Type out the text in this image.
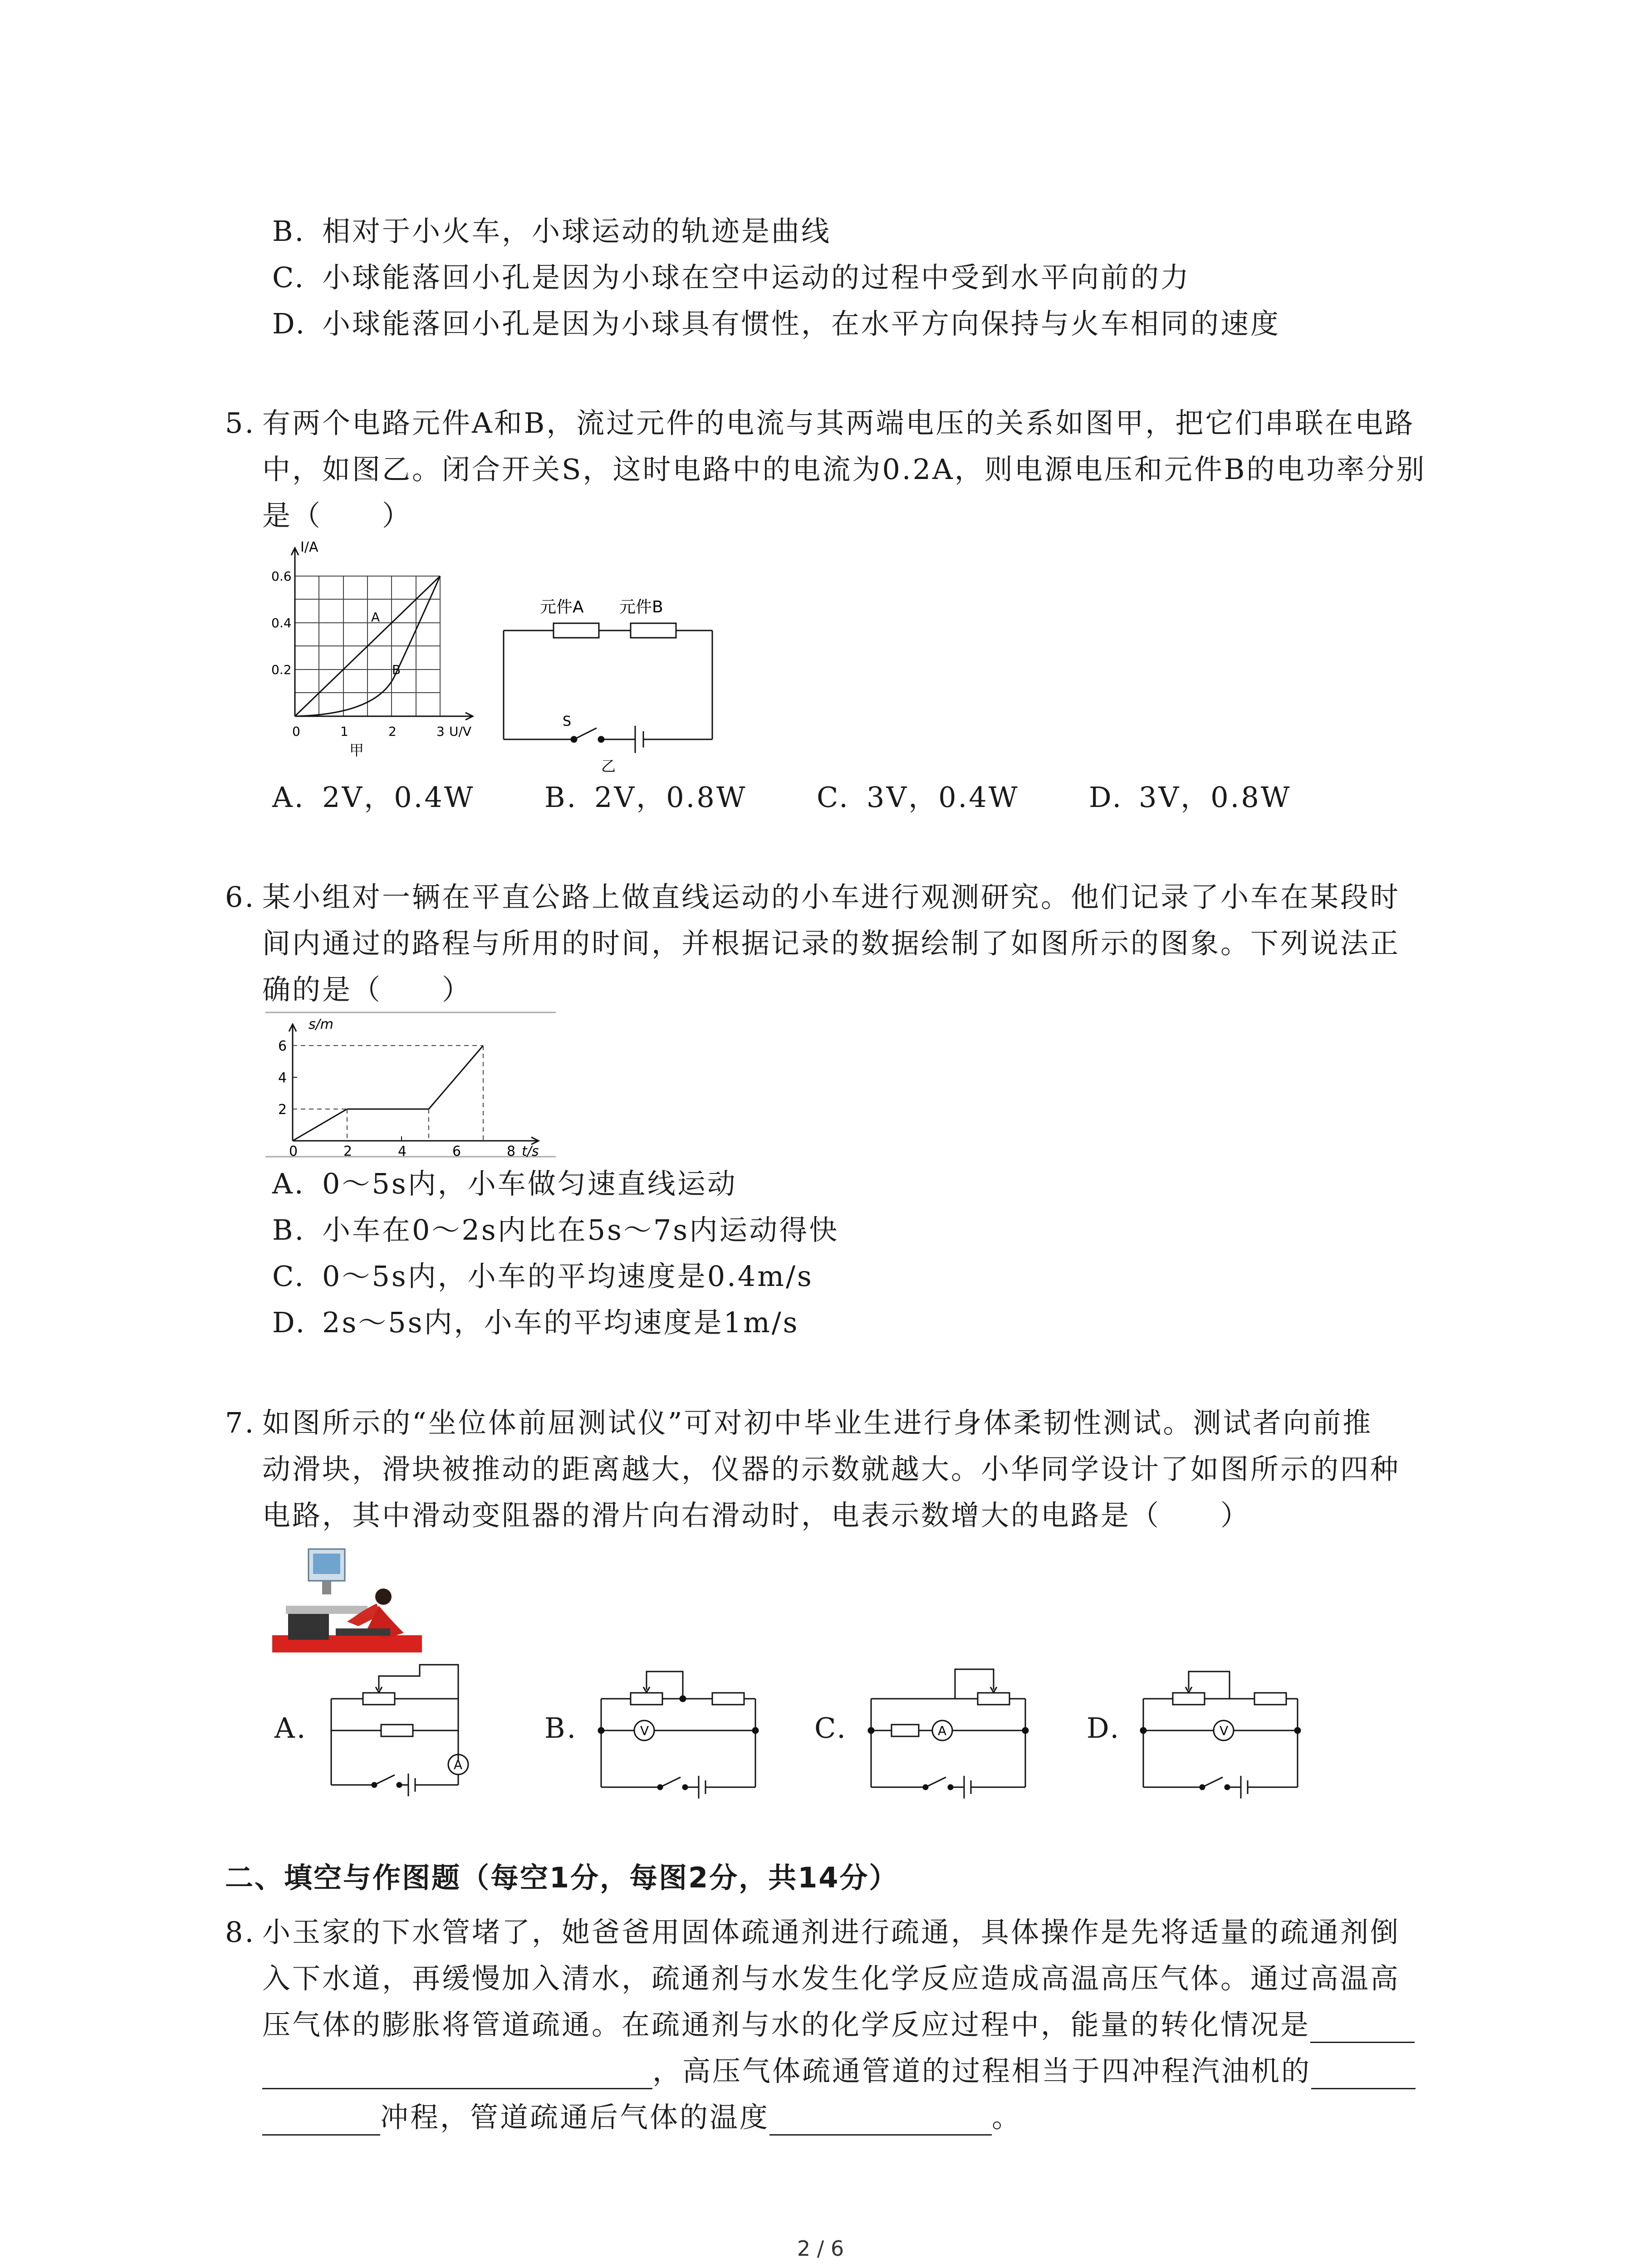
B. 相对于小火车，小球运动的轨迹是曲线
C. 小球能落回小孔是因为小球在空中运动的过程中受到水平向前的力
D. 小球能落回小孔是因为小球具有惯性，在水平方向保持与火车相同的速度
5. 有两个电路元件A和B，流过元件的电流与其两端电压的关系如图甲，把它们串联在电路
中，如图乙。闭合开关S，这时电路中的电流为0.2A，则电源电压和元件B的电功率分别
是（　　）
I/A
0.6
0.4
0.2
0	1	2	3 U/V
A
B
甲
元件A 元件B
S
乙
A. 2V，0.4W B. 2V，0.8W C. 3V，0.4W D. 3V，0.8W
6. 某小组对一辆在平直公路上做直线运动的小车进行观测研究。他们记录了小车在某段时
间内通过的路程与所用的时间，并根据记录的数据绘制了如图所示的图象。下列说法正
确的是（　　）
s/m
6
4
2
0	2	4	6	8 t/s
A. 0～5s内，小车做匀速直线运动
B. 小车在0～2s内比在5s～7s内运动得快
C. 0～5s内，小车的平均速度是0.4m/s
D. 2s～5s内，小车的平均速度是1m/s
7. 如图所示的“坐位体前屈测试仪”可对初中毕业生进行身体柔韧性测试。测试者向前推
动滑块，滑块被推动的距离越大，仪器的示数就越大。小华同学设计了如图所示的四种
电路，其中滑动变阻器的滑片向右滑动时，电表示数增大的电路是（　　）
A.
A
B.	V	C.	A	D.	V
二、填空与作图题（每空1分，每图2分，共14分）
8. 小玉家的下水管堵了，她爸爸用固体疏通剂进行疏通，具体操作是先将适量的疏通剂倒
入下水道，再缓慢加入清水，疏通剂与水发生化学反应造成高温高压气体。通过高温高
压气体的膨胀将管道疏通。在疏通剂与水的化学反应过程中，能量的转化情况是
，高压气体疏通管道的过程相当于四冲程汽油机的
冲程，管道疏通后气体的温度	。
2 / 6
